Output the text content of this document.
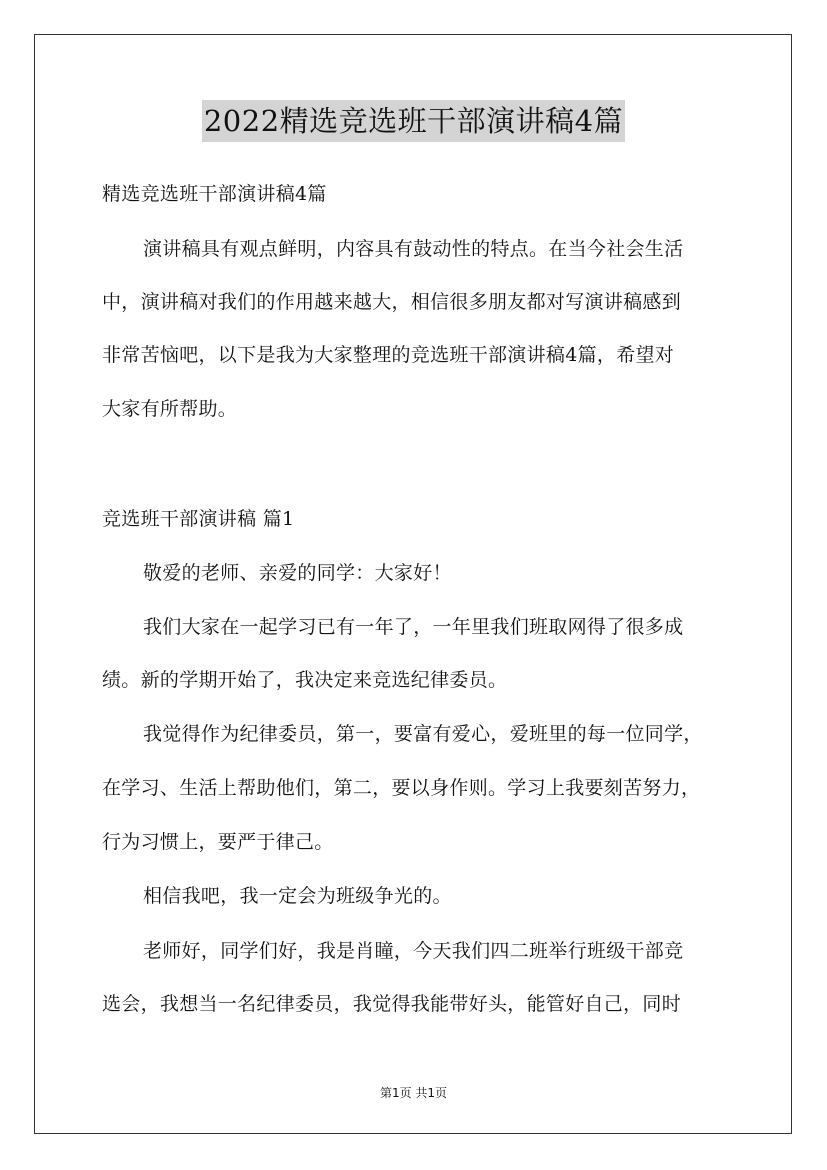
2022精选竞选班干部演讲稿4篇
精选竞选班干部演讲稿4篇
演讲稿具有观点鲜明，内容具有鼓动性的特点。在当今社会生活
中，演讲稿对我们的作用越来越大，相信很多朋友都对写演讲稿感到
非常苦恼吧，以下是我为大家整理的竞选班干部演讲稿4篇，希望对
大家有所帮助。
竞选班干部演讲稿 篇1
敬爱的老师、亲爱的同学：大家好！
我们大家在一起学习已有一年了，一年里我们班取网得了很多成
绩。新的学期开始了，我决定来竞选纪律委员。
我觉得作为纪律委员，第一，要富有爱心，爱班里的每一位同学，
在学习、生活上帮助他们，第二，要以身作则。学习上我要刻苦努力，
行为习惯上，要严于律己。
相信我吧，我一定会为班级争光的。
老师好，同学们好，我是肖瞳，今天我们四二班举行班级干部竞
选会，我想当一名纪律委员，我觉得我能带好头，能管好自己，同时
第1页 共1页
